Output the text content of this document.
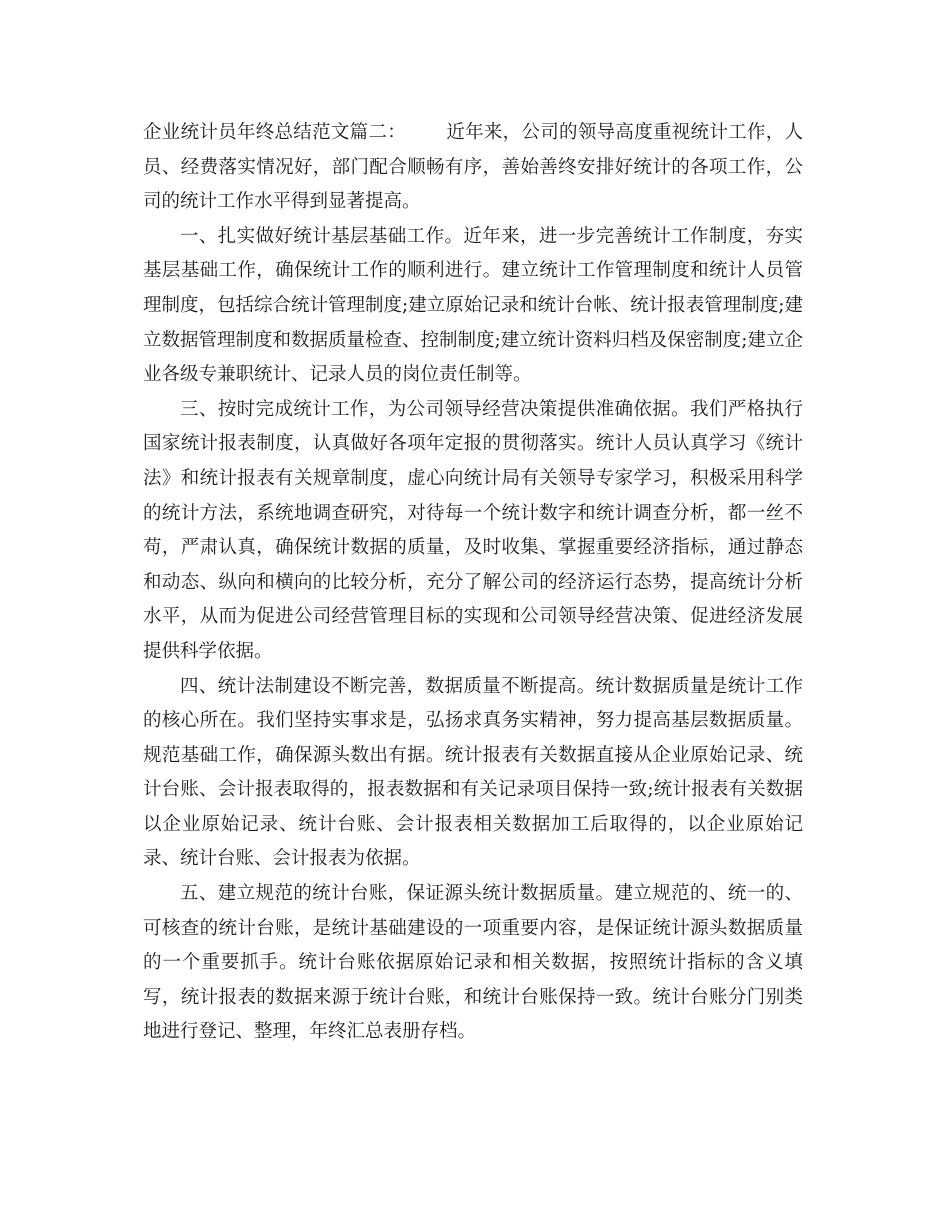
企业统计员年终总结范文篇二： 近年来，公司的领导高度重视统计工作，人员、经费落实情况好，部门配合顺畅有序，善始善终安排好统计的各项工作，公司的统计工作水平得到显著提高。

一、扎实做好统计基层基础工作。近年来，进一步完善统计工作制度，夯实基层基础工作，确保统计工作的顺利进行。建立统计工作管理制度和统计人员管理制度，包括综合统计管理制度;建立原始记录和统计台帐、统计报表管理制度;建立数据管理制度和数据质量检查、控制制度;建立统计资料归档及保密制度;建立企业各级专兼职统计、记录人员的岗位责任制等。

三、按时完成统计工作，为公司领导经营决策提供准确依据。我们严格执行国家统计报表制度，认真做好各项年定报的贯彻落实。统计人员认真学习《统计法》和统计报表有关规章制度，虚心向统计局有关领导专家学习，积极采用科学的统计方法，系统地调查研究，对待每一个统计数字和统计调查分析，都一丝不苟，严肃认真，确保统计数据的质量，及时收集、掌握重要经济指标，通过静态和动态、纵向和横向的比较分析，充分了解公司的经济运行态势，提高统计分析水平，从而为促进公司经营管理目标的实现和公司领导经营决策、促进经济发展提供科学依据。

四、统计法制建设不断完善，数据质量不断提高。统计数据质量是统计工作的核心所在。我们坚持实事求是，弘扬求真务实精神，努力提高基层数据质量。规范基础工作，确保源头数出有据。统计报表有关数据直接从企业原始记录、统计台账、会计报表取得的，报表数据和有关记录项目保持一致;统计报表有关数据以企业原始记录、统计台账、会计报表相关数据加工后取得的，以企业原始记录、统计台账、会计报表为依据。

五、建立规范的统计台账，保证源头统计数据质量。建立规范的、统一的、可核查的统计台账，是统计基础建设的一项重要内容，是保证统计源头数据质量的一个重要抓手。统计台账依据原始记录和相关数据，按照统计指标的含义填写，统计报表的数据来源于统计台账，和统计台账保持一致。统计台账分门别类地进行登记、整理，年终汇总表册存档。
